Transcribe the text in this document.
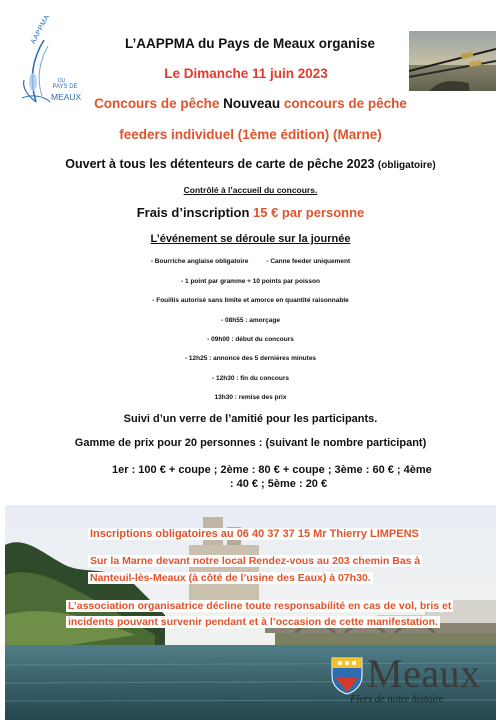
AAPPMA
DU
PAYS DE
MEAUX
L’AAPPMA du Pays de Meaux organise
Le Dimanche 11 juin 2023
Concours de pêche Nouveau concours de pêche
feeders individuel (1ème édition) (Marne)
Ouvert à tous les détenteurs de carte de pêche 2023 (obligatoire)
Contrôlé à l’accueil du concours.
Frais d’inscription 15 € par personne
L’événement se déroule sur la journée
- Bourriche anglaise obligatoire	- Canne feeder uniquement
- 1 point par gramme + 10 points par poisson
- Fouillis autorisé sans limite et amorce en quantité raisonnable
- 08h55 : amorçage
- 09h00 : début du concours
- 12h25 : annonce des 5 dernières minutes
- 12h30 : fin du concours
13h30 : remise des prix
Suivi d’un verre de l’amitié pour les participants.
Gamme de prix pour 20 personnes : (suivant le nombre participant)
1er : 100 € + coupe ; 2ème : 80 € + coupe ; 3ème : 60 € ; 4ème
: 40 € ; 5ème : 20 €
Inscriptions obligatoires au 06 40 37 37 15 Mr Thierry LIMPENS
Sur la Marne devant notre local Rendez-vous au 203 chemin Bas à
Nanteuil-lès-Meaux (à côté de l’usine des Eaux) à 07h30.
L’association organisatrice décline toute responsabilité en cas de vol, bris et
incidents pouvant survenir pendant et à l’occasion de cette manifestation.
Meaux
Fiers de notre histoire
